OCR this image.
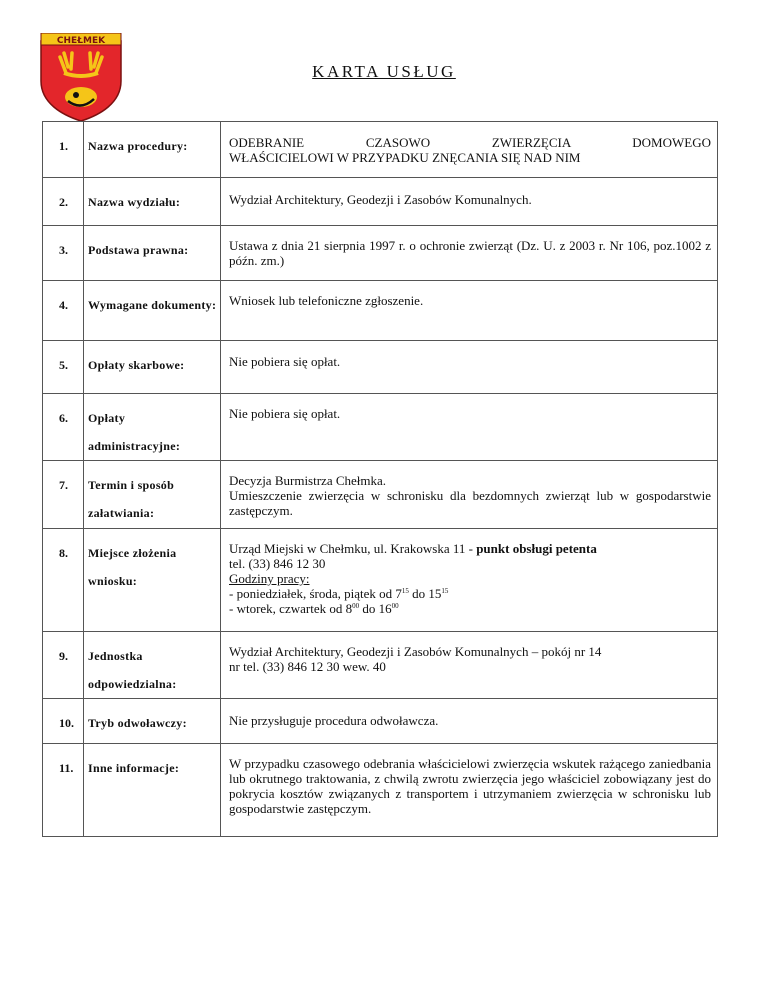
CHEŁMEK
KARTA USŁUG
1.	Nazwa procedury:	ODEBRANIE CZASOWO ZWIERZĘCIA DOMOWEGO
WŁAŚCICIELOWI W PRZYPADKU ZNĘCANIA SIĘ NAD NIM

2.	Nazwa wydziału:	Wydział Architektury, Geodezji i Zasobów Komunalnych.

3.	Podstawa prawna:	Ustawa z dnia 21 sierpnia 1997 r. o ochronie zwierząt (Dz. U. z 2003 r. Nr 106, poz.1002 z późn. zm.)

4.	Wymagane dokumenty:	Wniosek lub telefoniczne zgłoszenie.

5.	Opłaty skarbowe:	Nie pobiera się opłat.

6.	Opłaty administracyjne:	Nie pobiera się opłat.

7.	Termin i sposób załatwiania:	Decyzja Burmistrza Chełmka.
Umieszczenie zwierzęcia w schronisku dla bezdomnych zwierząt lub w gospodarstwie zastępczym.

8.	Miejsce złożenia wniosku:	Urząd Miejski w Chełmku, ul. Krakowska 11 - punkt obsługi petenta
tel. (33) 846 12 30
Godziny pracy:
- poniedziałek, środa, piątek od $7^{15}$ do $15^{15}$
- wtorek, czwartek od $8^{00}$ do $16^{00}$

9.	Jednostka odpowiedzialna:	Wydział Architektury, Geodezji i Zasobów Komunalnych – pokój nr 14
nr tel. (33) 846 12 30 wew. 40

10.	Tryb odwoławczy:	Nie przysługuje procedura odwoławcza.

11.	Inne informacje:	W przypadku czasowego odebrania właścicielowi zwierzęcia wskutek rażącego zaniedbania lub okrutnego traktowania, z chwilą zwrotu zwierzęcia jego właściciel zobowiązany jest do pokrycia kosztów związanych z transportem i utrzymaniem zwierzęcia w schronisku lub gospodarstwie zastępczym.
